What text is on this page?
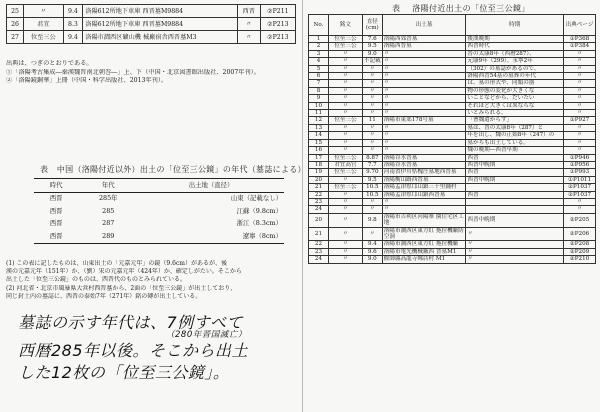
25	〃	9.4	洛陽612所地下車庫 西晋墓M9884	西晋	②P211
26	君宜	8.3	洛陽612所地下車庫 西晋墓M9884	〃	②P213
27	位至三公	9.4	洛陽市澗西区礦山機 械廠宿舎西晋墓M3	〃	②P213
出典は、つぎのとおりである。
①「洛陽考古集成―秦漢魏晋南北朝巻―」上、下（中国・北京図書館出版社、2007年刊）。
②「洛陽鏡銅華」上冊（中国・科学出版社、2013年刊）。
表 中国（洛陽付近以外）出土の「位至三公鏡」の年代（墓誌による）
時代	年代	出土地（直径）
西晋	285年	山東（記載なし）
西晋	285	江蘇（9.8cm）
西晋	287	浙江（8.3cm）
西晋	289	遼寧（8cm）
(1) この表に記したものは、山東出土の「元嘉元年」の鏡（9.6cm）があるが、後
漢の元嘉元年（151年）か、（劉）宋の元嘉元年（424年）か、確定しがたい。そこから
出土した「位至三公鏡」のものは、西晋代のものとみられている。
(2) 河北省・北京市風暴県大営村西晋墓から、2面の「位至三公鏡」が出土しており、
同じ封土内の墓誌に、西晋の泰始7年（271年）銘の磚が出土している。
墓誌の示す年代は、7例すべて
（280年晋国滅亡）
西暦285年以後。そこから出土
した12枚の「位至三公鏡」。
表 洛陽付近出土の「位至三公鏡」
No.	銘文	直径(cm)	出土墓	時期	出典ページ
1	位至三公	7.6	洛陽西郊晋墓	後漢晩期	①P368
2	位至三公	9.5	洛陽西晋墓	西晋時代	①P384
3	〃	9.0	〃	晋の太康8年（西暦287）、	〃
4	〃	不記載	〃	元康9年（299）、永寧2年	〃
5	〃	〃	〃	（302）の墓誌があるので、	〃
6	〃	〃	〃	洛陽西晋54基の墓葬の年代	〃
7	〃	〃	〃	は、墓の形式や、同類の器	〃
8	〃	〃	〃	物の形態の変化が大きくな	〃
9	〃	〃	〃	いことなどから、だいたい	〃
10	〃	〃	〃	それほど大きくは異ならな	〃
11	〃	〃	〃	いとみられる。	〃
12	位至三公	11	洛陽市東郊178号墓	「曹魏遣からず」	①P927
13	〃	〃	〃	墓は、晋の太康8年（287）と	〃
14	〃	〃	〃	年を出し、魏の正始8年（247）の	〃
15	〃	〃	〃	墓からも出土している。	〃
16	〃	〃	〃	魏の晩期―西晋早期	〃
17	位至三公	8.87	洛陽谷水晋墓	西晋	①P946
18	君宜高官	7.7	洛陽谷水晋墓	西晋中晩期	①P956
19	位至三公	9.70	河南省伊川県槐庄墓地西晋墓	西晋	①P993
20	〃	9.5	洛陽衡山路西晋墓	西晋中晩期	①P1011
21	位至三公	10.5	洛陽孟津県邙山鎮三十里鋪村		②P1037
22	〃	10.5	洛陽孟津県邙山鎮西晋墓	西晋	②P1037
23	〃	〃	〃		〃
24	〃	〃	〃		〃
20	〃	9.8	洛陽市吉利区河陽寨 園住宅区工地	西晋中晩期	②P205
21	〃	〃	洛陽市澗西区東方紅 拖拉機廠防空洞	〃	②P206
22	〃	9.4	洛陽市澗西区東方紅 拖拉機廠	〃	②P208
23	〃	9.6	洛陽市電光機械廠西 晋墓M1	〃	②P209
24	〃	9.0	偃師縣高龍寺鄭店村 M1	〃	②P210
